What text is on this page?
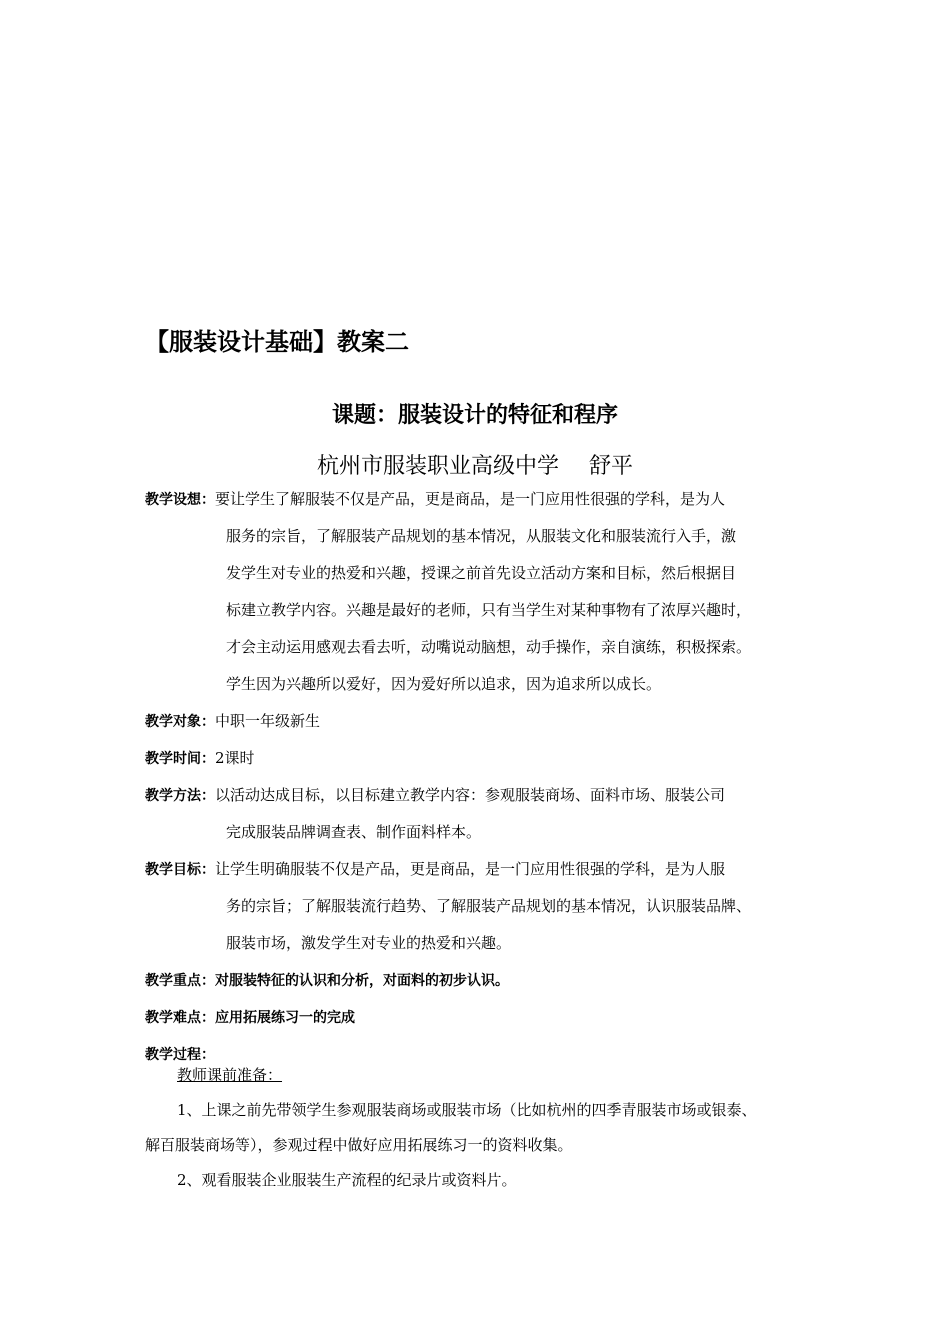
【服装设计基础】教案二
课题：服装设计的特征和程序
杭州市服装职业高级中学 舒平
教学设想：要让学生了解服装不仅是产品，更是商品，是一门应用性很强的学科，是为人
服务的宗旨，了解服装产品规划的基本情况，从服装文化和服装流行入手，激
发学生对专业的热爱和兴趣，授课之前首先设立活动方案和目标，然后根据目
标建立教学内容。兴趣是最好的老师，只有当学生对某种事物有了浓厚兴趣时，
才会主动运用感观去看去听，动嘴说动脑想，动手操作，亲自演练，积极探索。
学生因为兴趣所以爱好，因为爱好所以追求，因为追求所以成长。
教学对象：中职一年级新生
教学时间：2课时
教学方法：以活动达成目标，以目标建立教学内容：参观服装商场、面料市场、服装公司
完成服装品牌调查表、制作面料样本。
教学目标：让学生明确服装不仅是产品，更是商品，是一门应用性很强的学科，是为人服
务的宗旨；了解服装流行趋势、了解服装产品规划的基本情况，认识服装品牌、
服装市场，激发学生对专业的热爱和兴趣。
教学重点：对服装特征的认识和分析，对面料的初步认识。
教学难点：应用拓展练习一的完成
教学过程：
教师课前准备：
1、上课之前先带领学生参观服装商场或服装市场（比如杭州的四季青服装市场或银泰、
解百服装商场等），参观过程中做好应用拓展练习一的资料收集。
2、观看服装企业服装生产流程的纪录片或资料片。
